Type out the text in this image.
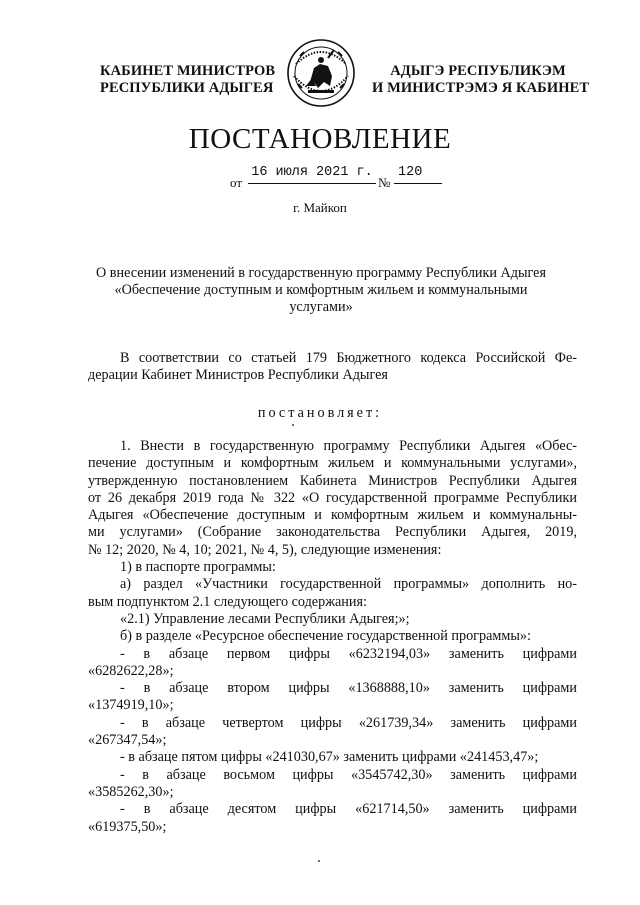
КАБИНЕТ МИНИСТРОВ
РЕСПУБЛИКИ АДЫГЕЯ
АДЫГЭ РЕСПУБЛИКЭМ
И МИНИСТРЭМЭ Я КАБИНЕТ
ПОСТАНОВЛЕНИЕ
от
16 июля 2021 г.
№
120
г. Майкоп
О внесении изменений в государственную программу Республики Адыгея
«Обеспечение доступным и комфортным жильем и коммунальными
услугами»

В соответствии со статьей 179 Бюджетного кодекса Российской Фе-

дерации Кабинет Министров Республики Адыгея

постановляет:

1. Внести в государственную программу Республики Адыгея «Обес-

печение доступным и комфортным жильем и коммунальными услугами»,

утвержденную постановлением Кабинета Министров Республики Адыгея

от 26 декабря 2019 года № 322 «О государственной программе Республики

Адыгея «Обеспечение доступным и комфортным жильем и коммунальны-

ми услугами» (Собрание законодательства Республики Адыгея, 2019,

№ 12; 2020, № 4, 10; 2021, № 4, 5), следующие изменения:

1) в паспорте программы:

а) раздел «Участники государственной программы» дополнить но-

вым подпунктом 2.1 следующего содержания:

«2.1) Управление лесами Республики Адыгея;»;

б) в разделе «Ресурсное обеспечение государственной программы»:

- в абзаце первом цифры «6232194,03» заменить цифрами

«6282622,28»;

- в абзаце втором цифры «1368888,10» заменить цифрами

«1374919,10»;

- в абзаце четвертом цифры «261739,34» заменить цифрами

«267347,54»;

- в абзаце пятом цифры «241030,67» заменить цифрами «241453,47»;

- в абзаце восьмом цифры «3545742,30» заменить цифрами

«3585262,30»;

- в абзаце десятом цифры «621714,50» заменить цифрами

«619375,50»;
